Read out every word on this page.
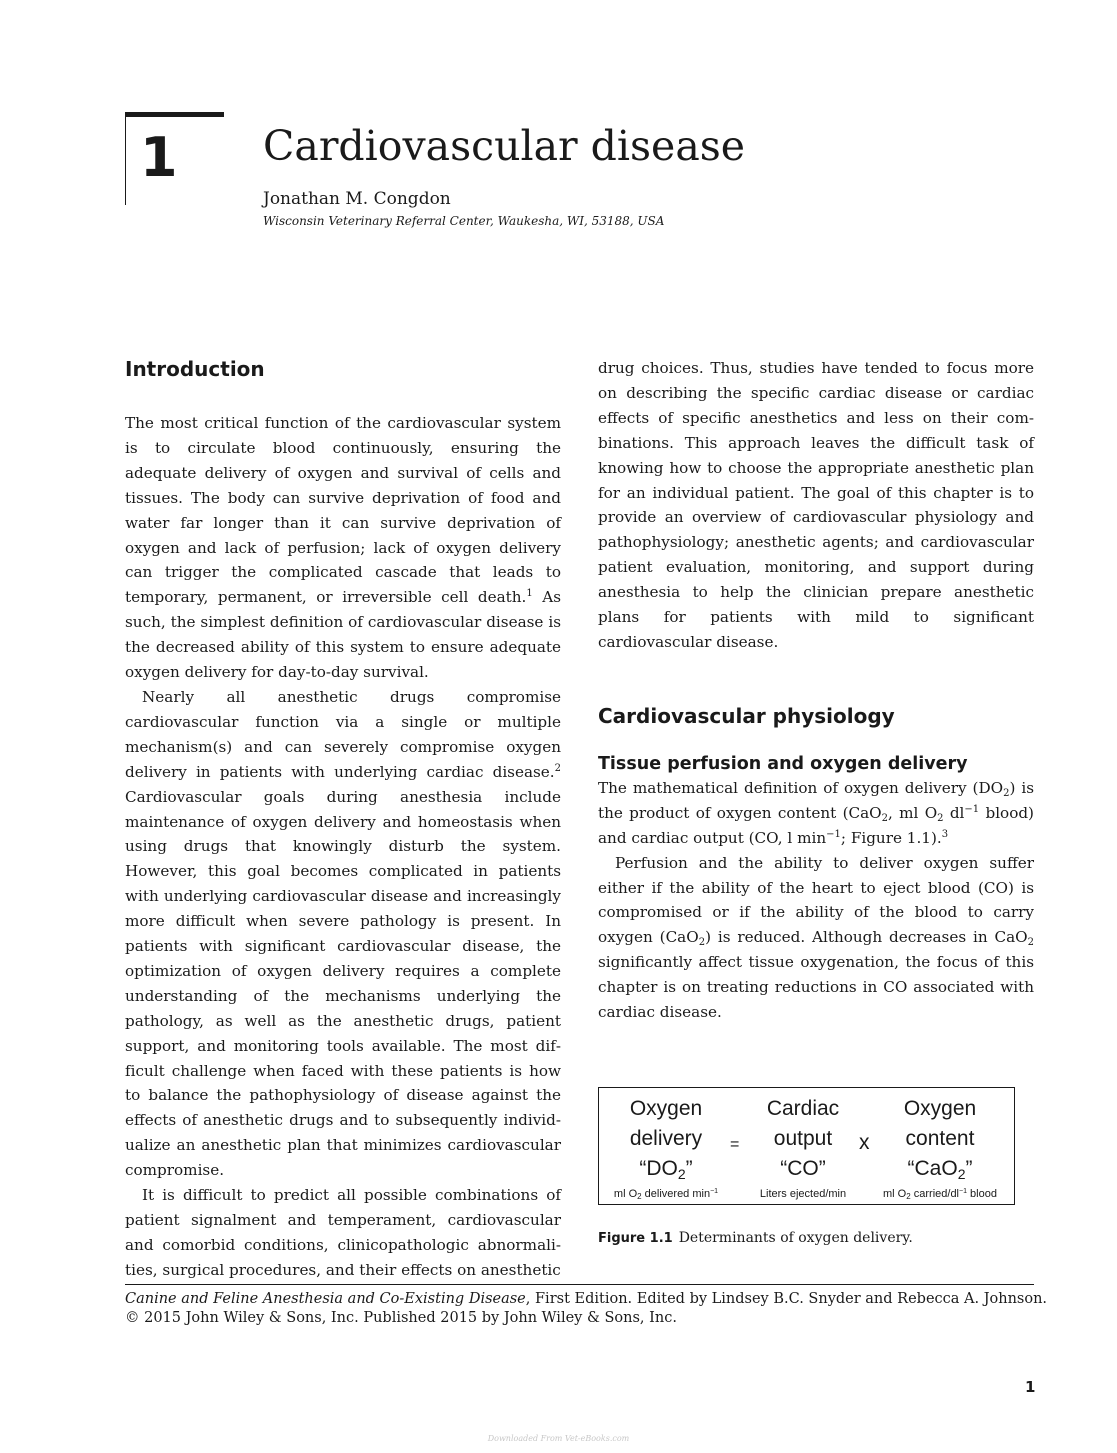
1 Cardiovascular disease
Jonathan M. Congdon
Wisconsin Veterinary Referral Center, Waukesha, WI, 53188, USA
Introduction

The most critical function of the cardiovascular system is to circulate blood continuously, ensuring the adequate delivery of oxygen and survival of cells and tissues. The body can survive deprivation of food and water far longer than it can survive deprivation of oxygen and lack of perfusion; lack of oxygen delivery can trigger the complicated cascade that leads to temporary, permanent, or irreversible cell death.$^1$ As such, the simplest definition of cardiovascular disease is the decreased ability of this system to ensure adequate oxygen delivery for day-to-day survival.

Nearly all anesthetic drugs compromise cardiovascular function via a single or multiple mechanism(s) and can severely compromise oxygen delivery in patients with underlying cardiac disease.$^2$ Cardiovascular goals during anesthesia include maintenance of oxygen delivery and homeostasis when using drugs that knowingly disturb the system. However, this goal becomes complicated in patients with underlying cardiovascular disease and increasingly more difficult when severe pathology is present. In patients with significant cardiovascular disease, the optimization of oxygen delivery requires a complete understanding of the mechanisms underlying the pathology, as well as the anesthetic drugs, patient support, and monitoring tools available. The most difficult challenge when faced with these patients is how to balance the pathophysiology of disease against the effects of anesthetic drugs and to subsequently individualize an anesthetic plan that minimizes cardiovascular compromise.

It is difficult to predict all possible combinations of patient signalment and temperament, cardiovascular and comorbid conditions, clinicopathologic abnormalities, surgical procedures, and their effects on anesthetic

drug choices. Thus, studies have tended to focus more on describing the specific cardiac disease or cardiac effects of specific anesthetics and less on their combinations. This approach leaves the difficult task of knowing how to choose the appropriate anesthetic plan for an individual patient. The goal of this chapter is to provide an overview of cardiovascular physiology and pathophysiology; anesthetic agents; and cardiovascular patient evaluation, monitoring, and support during anesthesia to help the clinician prepare anesthetic plans for patients with mild to significant cardiovascular disease.

Cardiovascular physiology
Tissue perfusion and oxygen delivery

The mathematical definition of oxygen delivery $(DO_2)$ is the product of oxygen content (CaO$_2$, ml $O_2$ $dl^{-1}$ blood) and cardiac output (CO, l $\min^{-1}$; Figure 1.1).$^3$

Perfusion and the ability to deliver oxygen suffer either if the ability of the heart to eject blood (CO) is compromised or if the ability of the blood to carry oxygen (CaO$_2$) is reduced. Although decreases in CaO$_2$ significantly affect tissue oxygenation, the focus of this chapter is on treating reductions in CO associated with cardiac disease.

Oxygen
delivery
“$DO_2$”
ml $O_2$ delivered $\min^{-1}$
=
Cardiac
output
“CO”
Liters ejected/min
x
Oxygen
content
“CaO$_2$”
ml $O_2$ carried/$dl^{-1}$ blood
Figure 1.1 Determinants of oxygen delivery.
Canine and Feline Anesthesia and Co-Existing Disease, First Edition. Edited by Lindsey B.C. Snyder and Rebecca A. Johnson.
© 2015 John Wiley & Sons, Inc. Published 2015 by John Wiley & Sons, Inc.
1
Downloaded From Vet-eBooks.com
